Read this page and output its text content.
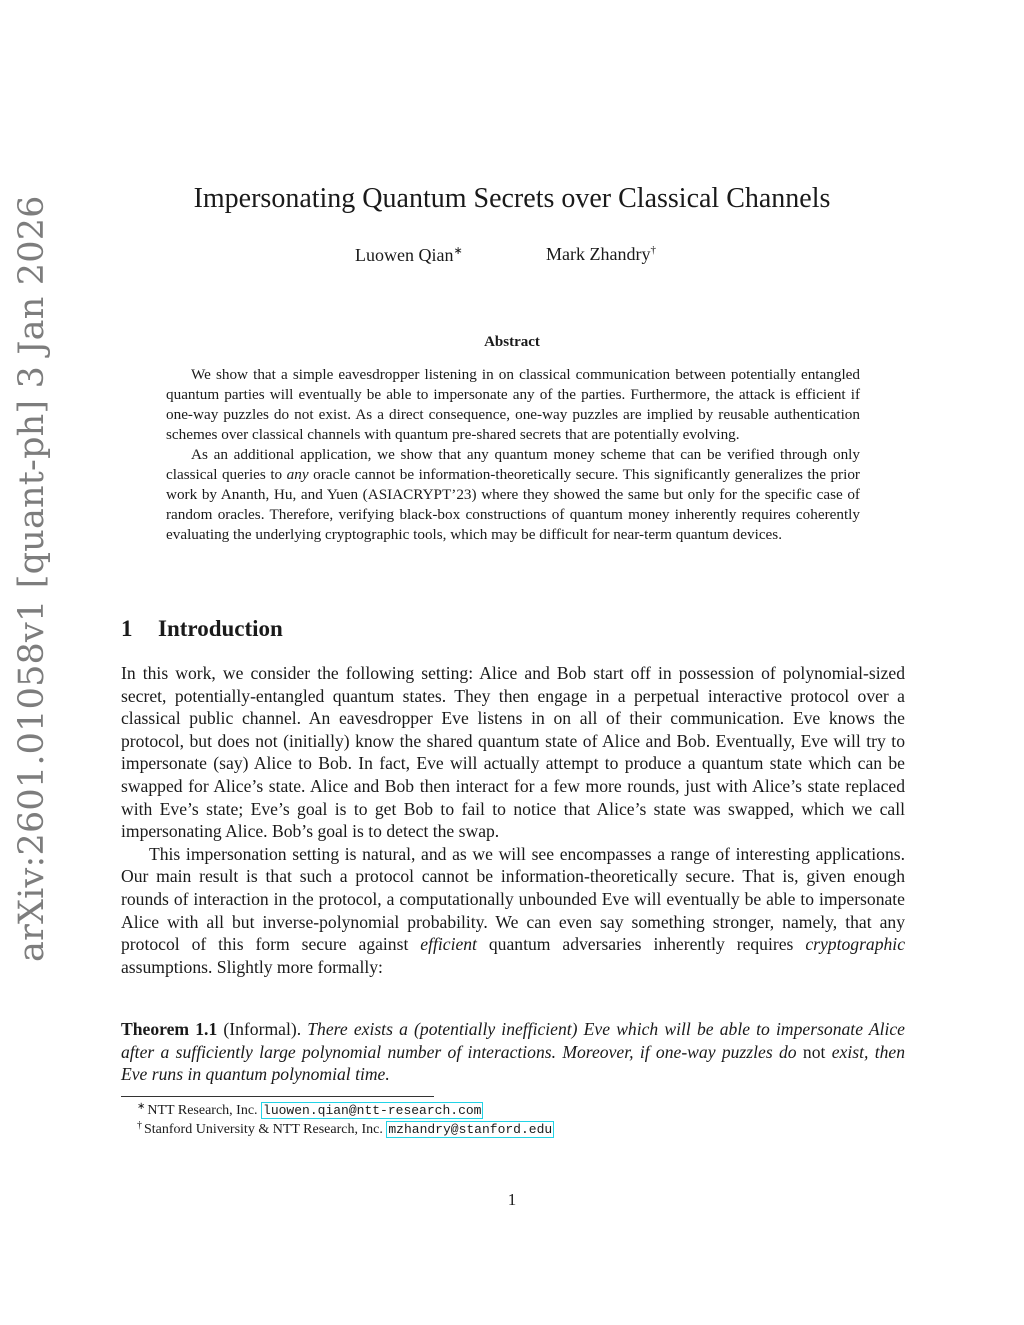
arXiv:2601.01058v1 [quant-ph] 3 Jan 2026	Impersonating Quantum Secrets over Classical Channels
Luowen Qian∗	Mark Zhandry†
Abstract

We show that a simple eavesdropper listening in on classical communication between potentially entangled quantum parties will eventually be able to impersonate any of the parties. Furthermore, the attack is efficient if one-way puzzles do not exist. As a direct consequence, one-way puzzles are implied by reusable authentication schemes over classical channels with quantum pre-shared secrets that are potentially evolving.

As an additional application, we show that any quantum money scheme that can be verified through only classical queries to any oracle cannot be information-theoretically secure. This significantly generalizes the prior work by Ananth, Hu, and Yuen (ASIACRYPT’23) where they showed the same but only for the specific case of random oracles. Therefore, verifying black-box constructions of quantum money inherently requires coherently evaluating the underlying cryptographic tools, which may be difficult for near-term quantum devices.

1 Introduction

In this work, we consider the following setting: Alice and Bob start off in possession of polynomial-sized secret, potentially-entangled quantum states. They then engage in a perpetual interactive protocol over a classical public channel. An eavesdropper Eve listens in on all of their communication. Eve knows the protocol, but does not (initially) know the shared quantum state of Alice and Bob. Eventually, Eve will try to impersonate (say) Alice to Bob. In fact, Eve will actually attempt to produce a quantum state which can be swapped for Alice’s state. Alice and Bob then interact for a few more rounds, just with Alice’s state replaced with Eve’s state; Eve’s goal is to get Bob to fail to notice that Alice’s state was swapped, which we call impersonating Alice. Bob’s goal is to detect the swap.

This impersonation setting is natural, and as we will see encompasses a range of interesting applications. Our main result is that such a protocol cannot be information-theoretically secure. That is, given enough rounds of interaction in the protocol, a computationally unbounded Eve will eventually be able to impersonate Alice with all but inverse-polynomial probability. We can even say something stronger, namely, that any protocol of this form secure against efficient quantum adversaries inherently requires cryptographic assumptions. Slightly more formally:

Theorem 1.1 (Informal). There exists a (potentially inefficient) Eve which will be able to impersonate Alice after a sufficiently large polynomial number of interactions. Moreover, if one-way puzzles do not exist, then Eve runs in quantum polynomial time.
∗ NTT Research, Inc. luowen.qian@ntt-research.com
† Stanford University & NTT Research, Inc. mzhandry@stanford.edu
1
